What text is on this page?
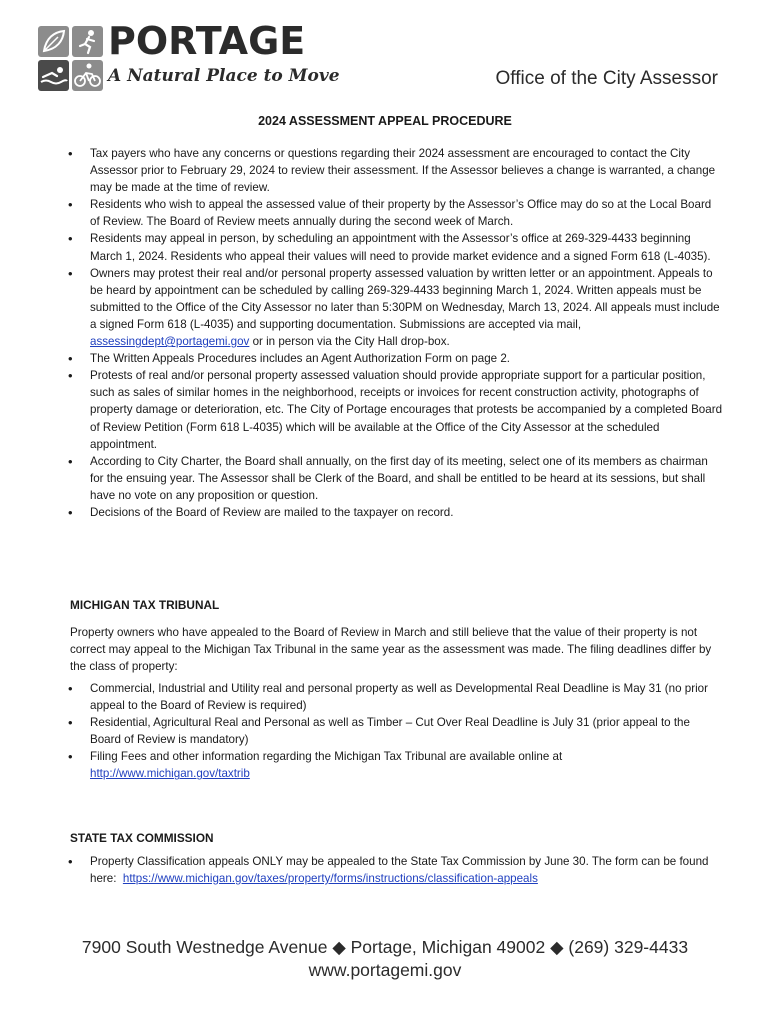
PORTAGE
A Natural Place to Move	Office of the City Assessor
2024 ASSESSMENT APPEAL PROCEDURE
• Tax payers who have any concerns or questions regarding their 2024 assessment are encouraged to contact the City Assessor prior to February 29, 2024 to review their assessment. If the Assessor believes a change is warranted, a change may be made at the time of review.
• Residents who wish to appeal the assessed value of their property by the Assessor’s Office may do so at the Local Board of Review. The Board of Review meets annually during the second week of March.
• Residents may appeal in person, by scheduling an appointment with the Assessor’s office at 269-329-4433 beginning March 1, 2024. Residents who appeal their values will need to provide market evidence and a signed Form 618 (L-4035).
• Owners may protest their real and/or personal property assessed valuation by written letter or an appointment. Appeals to be heard by appointment can be scheduled by calling 269-329-4433 beginning March 1, 2024. Written appeals must be submitted to the Office of the City Assessor no later than 5:30PM on Wednesday, March 13, 2024. All appeals must include a signed Form 618 (L-4035) and supporting documentation. Submissions are accepted via mail, assessingdept@portagemi.gov or in person via the City Hall drop-box.
• The Written Appeals Procedures includes an Agent Authorization Form on page 2.
• Protests of real and/or personal property assessed valuation should provide appropriate support for a particular position, such as sales of similar homes in the neighborhood, receipts or invoices for recent construction activity, photographs of property damage or deterioration, etc. The City of Portage encourages that protests be accompanied by a completed Board of Review Petition (Form 618 L-4035) which will be available at the Office of the City Assessor at the scheduled appointment.
• According to City Charter, the Board shall annually, on the first day of its meeting, select one of its members as chairman for the ensuing year. The Assessor shall be Clerk of the Board, and shall be entitled to be heard at its sessions, but shall have no vote on any proposition or question.
• Decisions of the Board of Review are mailed to the taxpayer on record.
MICHIGAN TAX TRIBUNAL

Property owners who have appealed to the Board of Review in March and still believe that the value of their property is not correct may appeal to the Michigan Tax Tribunal in the same year as the assessment was made. The filing deadlines differ by the class of property:

• Commercial, Industrial and Utility real and personal property as well as Developmental Real Deadline is May 31 (no prior appeal to the Board of Review is required)
• Residential, Agricultural Real and Personal as well as Timber – Cut Over Real Deadline is July 31 (prior appeal to the Board of Review is mandatory)
• Filing Fees and other information regarding the Michigan Tax Tribunal are available online at
http://www.michigan.gov/taxtrib
STATE TAX COMMISSION
• Property Classification appeals ONLY may be appealed to the State Tax Commission by June 30. The form can be found here: https://www.michigan.gov/taxes/property/forms/instructions/classification-appeals
7900 South Westnedge Avenue ◆ Portage, Michigan 49002 ◆ (269) 329-4433
www.portagemi.gov
